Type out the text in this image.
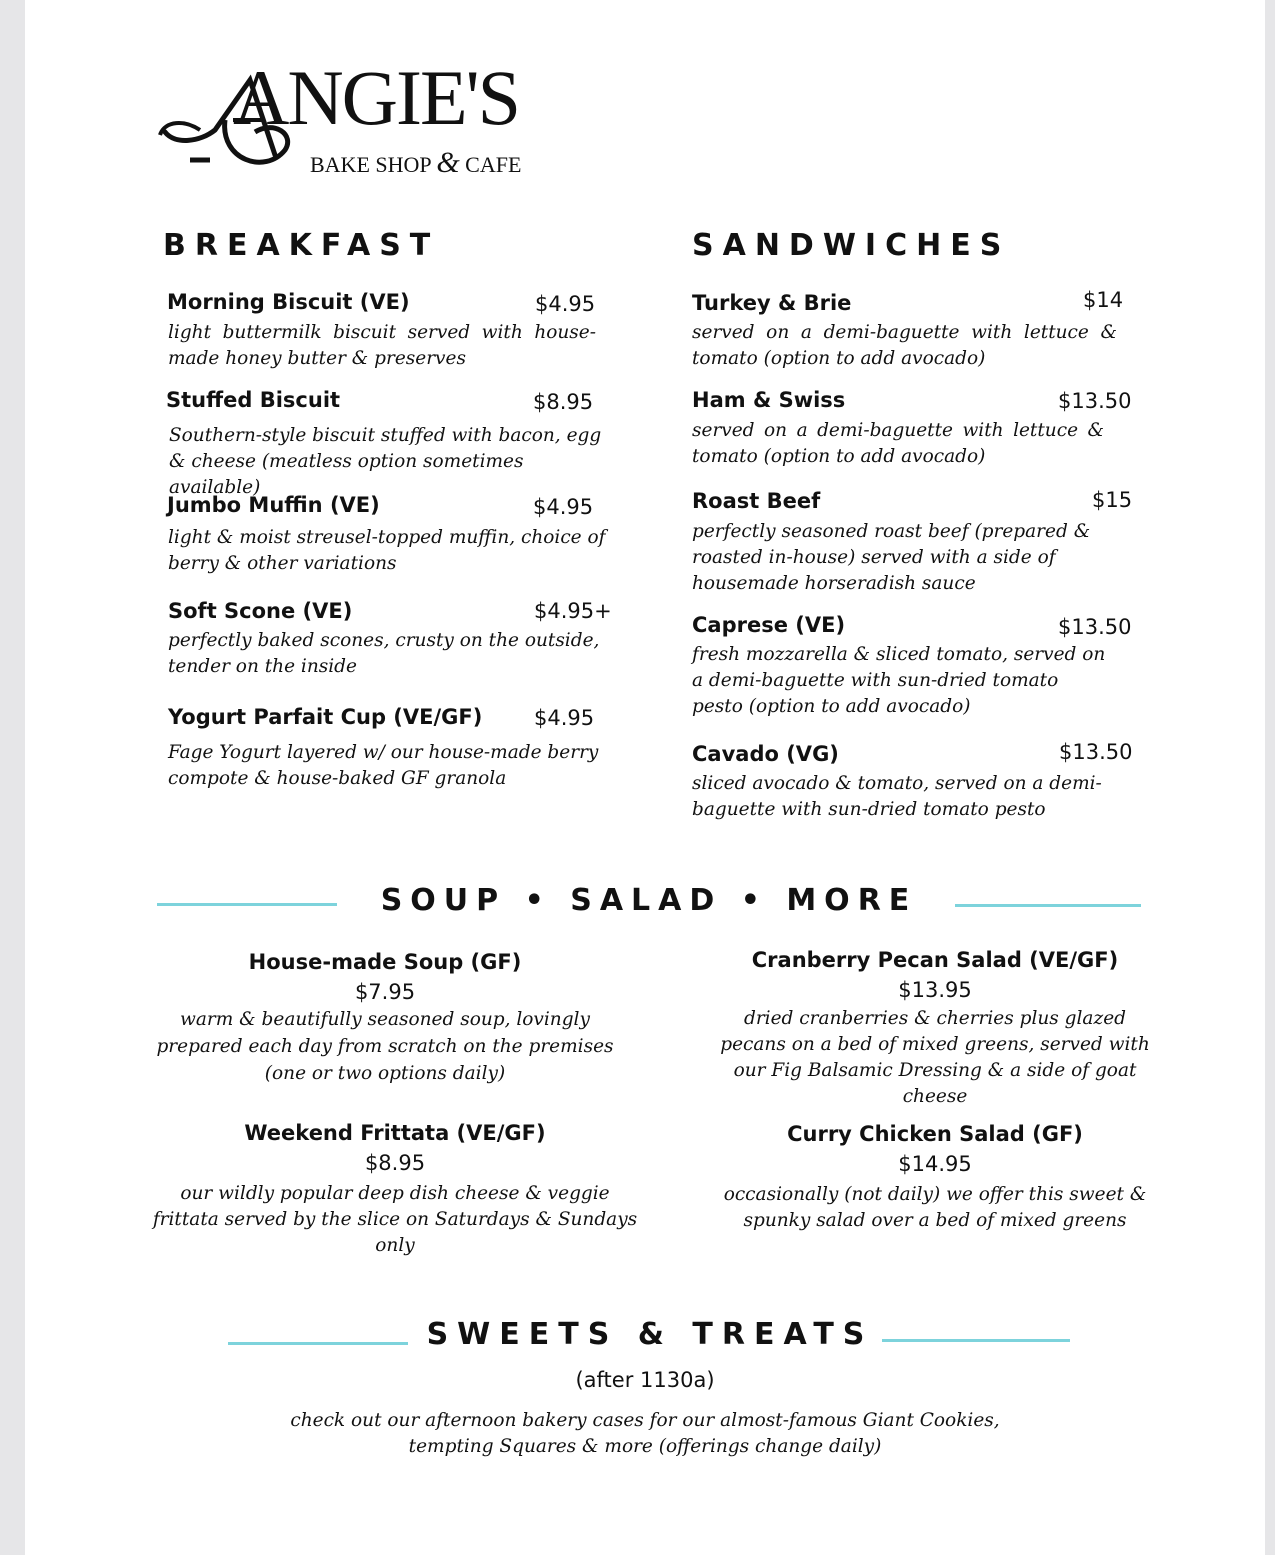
ANGIE'S
BAKE SHOP & CAFE
BREAKFAST
Morning Biscuit (VE)	$4.95
light buttermilk biscuit served with house-made honey butter & preserves
Stuffed Biscuit	$8.95
Southern-style biscuit stuffed with bacon, egg & cheese (meatless option sometimes available)
Jumbo Muffin (VE)	$4.95
light & moist streusel-topped muffin, choice of berry & other variations
Soft Scone (VE)	$4.95+
perfectly baked scones, crusty on the outside, tender on the inside
Yogurt Parfait Cup (VE/GF) $4.95
Fage Yogurt layered w/ our house-made berry compote & house-baked GF granola
SANDWICHES
Turkey & Brie	$14
served on a demi-baguette with lettuce & tomato (option to add avocado)
Ham & Swiss	$13.50
served on a demi-baguette with lettuce & tomato (option to add avocado)
Roast Beef	$15
perfectly seasoned roast beef (prepared & roasted in-house) served with a side of housemade horseradish sauce
Caprese (VE)	$13.50
fresh mozzarella & sliced tomato, served on a demi-baguette with sun-dried tomato pesto (option to add avocado)
Cavado (VG)	$13.50
sliced avocado & tomato, served on a demi-baguette with sun-dried tomato pesto
SOUP • SALAD • MORE
House-made Soup (GF)
$7.95
warm & beautifully seasoned soup, lovingly prepared each day from scratch on the premises (one or two options daily)
Cranberry Pecan Salad (VE/GF)
$13.95
dried cranberries & cherries plus glazed pecans on a bed of mixed greens, served with our Fig Balsamic Dressing & a side of goat cheese
Weekend Frittata (VE/GF)
$8.95
our wildly popular deep dish cheese & veggie frittata served by the slice on Saturdays & Sundays only
Curry Chicken Salad (GF)
$14.95
occasionally (not daily) we offer this sweet & spunky salad over a bed of mixed greens
SWEETS & TREATS
(after 1130a)
check out our afternoon bakery cases for our almost-famous Giant Cookies, tempting Squares & more (offerings change daily)
